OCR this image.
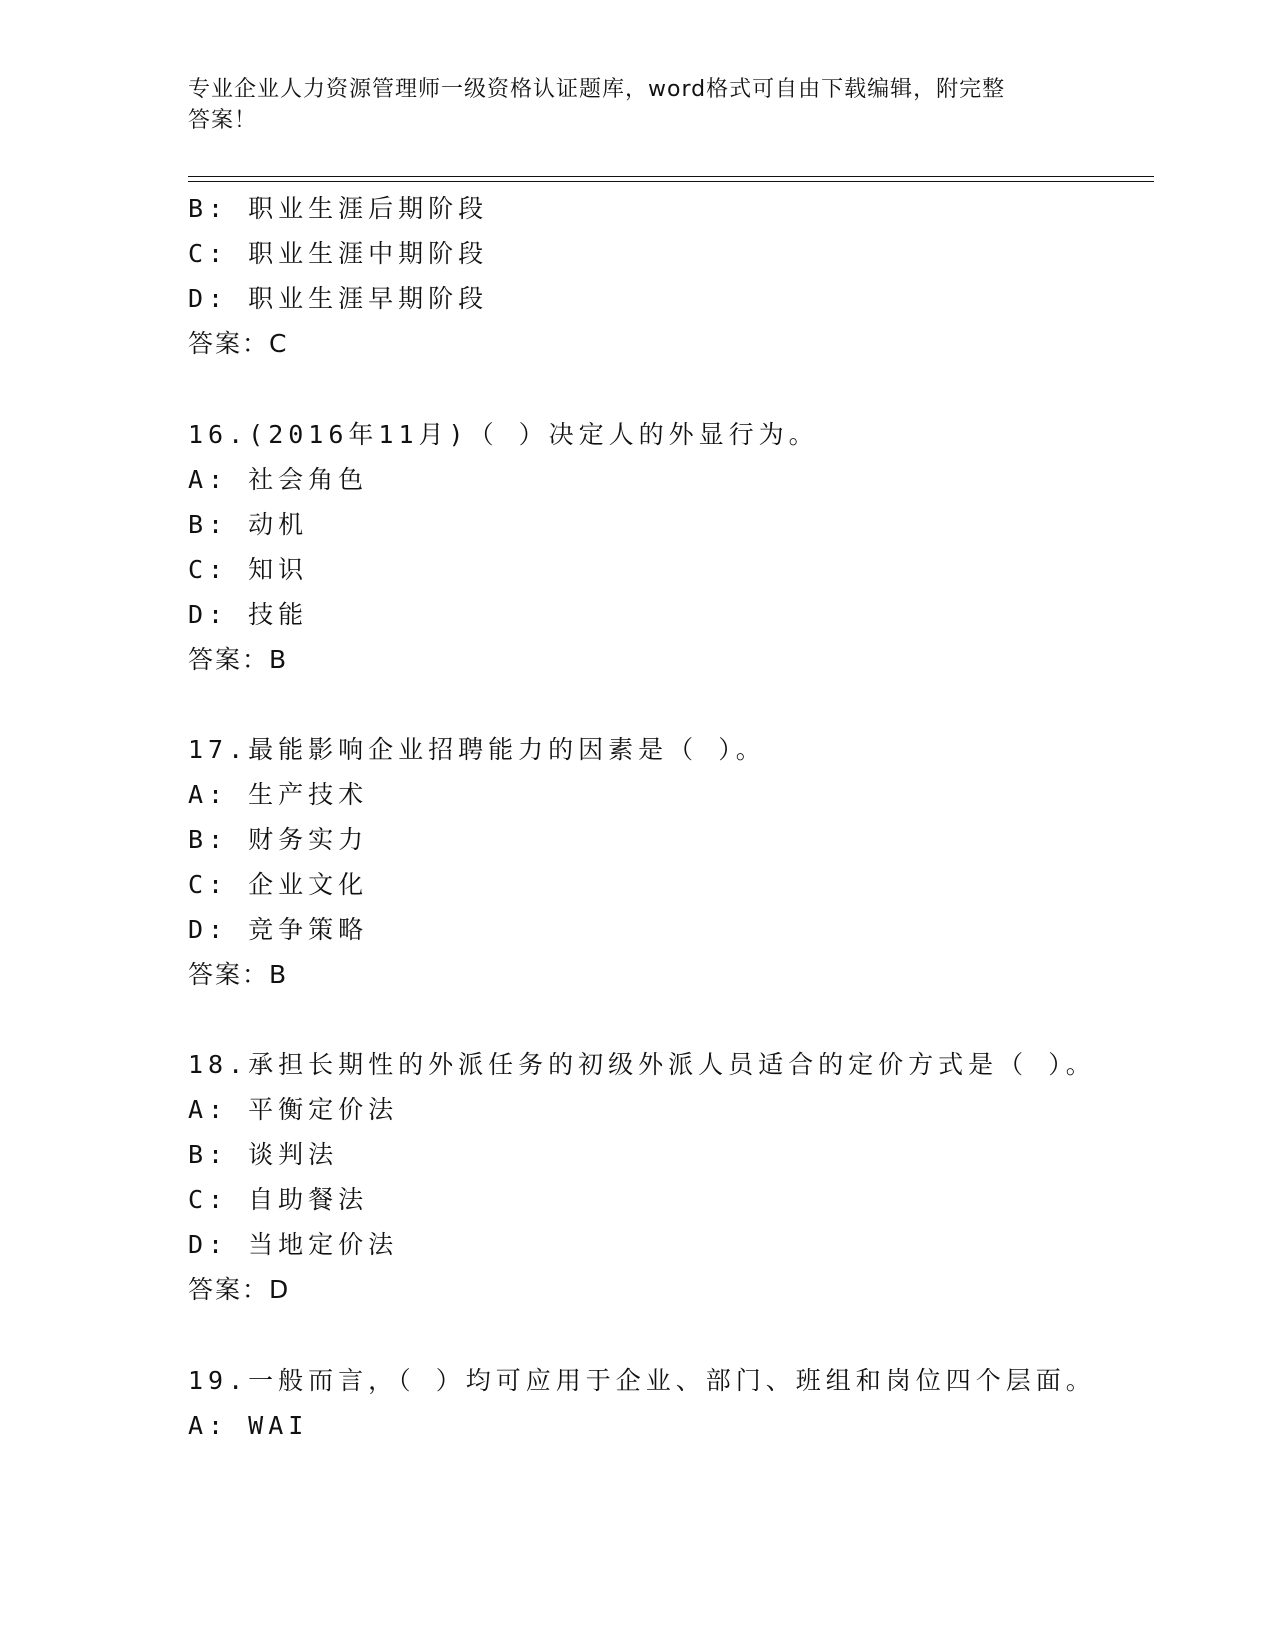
专业企业人力资源管理师一级资格认证题库，word格式可自由下载编辑，附完整
答案！
B: 职业生涯后期阶段
C: 职业生涯中期阶段
D: 职业生涯早期阶段
答案：C
16.(2016年11月)（ ）决定人的外显行为。
A: 社会角色
B: 动机
C: 知识
D: 技能
答案：B
17.最能影响企业招聘能力的因素是（ ）。
A: 生产技术
B: 财务实力
C: 企业文化
D: 竞争策略
答案：B
18.承担长期性的外派任务的初级外派人员适合的定价方式是（ ）。
A: 平衡定价法
B: 谈判法
C: 自助餐法
D: 当地定价法
答案：D
19.一般而言，（ ）均可应用于企业、部门、班组和岗位四个层面。
A: WAI
